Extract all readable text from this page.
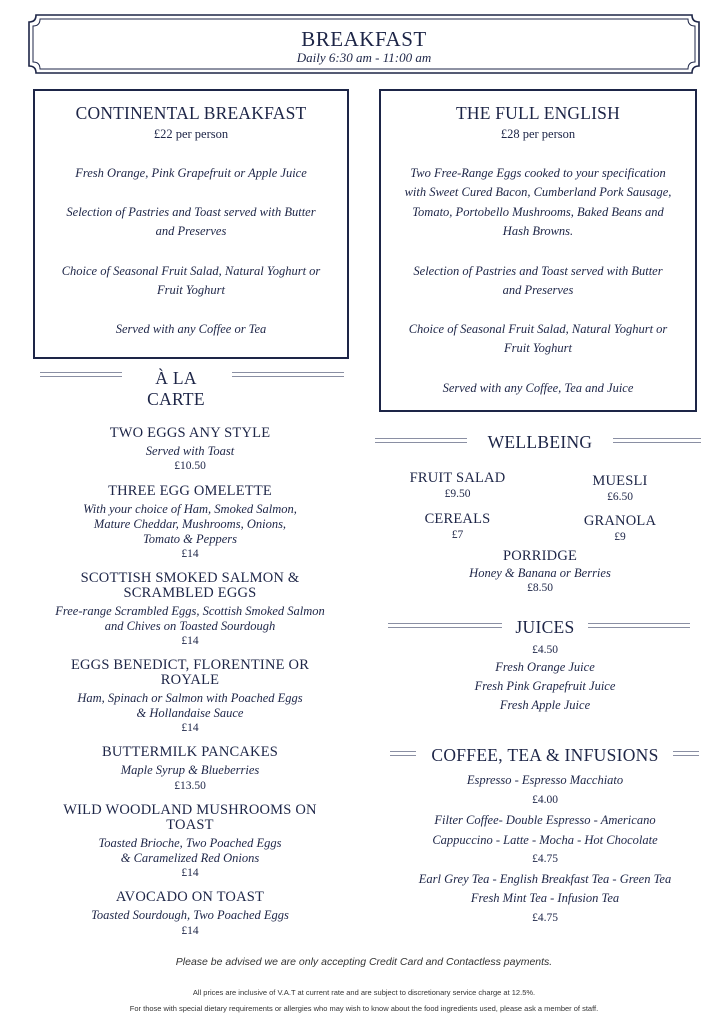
BREAKFAST
Daily 6:30 am - 11:00 am
CONTINENTAL BREAKFAST
£22 per person
Fresh Orange, Pink Grapefruit or Apple Juice
Selection of Pastries and Toast served with Butter
and Preserves
Choice of Seasonal Fruit Salad, Natural Yoghurt or
Fruit Yoghurt
Served with any Coffee or Tea
THE FULL ENGLISH
£28 per person
Two Free-Range Eggs cooked to your specification
with Sweet Cured Bacon, Cumberland Pork Sausage,
Tomato, Portobello Mushrooms, Baked Beans and
Hash Browns.
Selection of Pastries and Toast served with Butter
and Preserves
Choice of Seasonal Fruit Salad, Natural Yoghurt or
Fruit Yoghurt
Served with any Coffee, Tea and Juice
À LA CARTE
TWO EGGS ANY STYLE
Served with Toast
£10.50
THREE EGG OMELETTE
With your choice of Ham, Smoked Salmon,
Mature Cheddar, Mushrooms, Onions,
Tomato & Peppers
£14
SCOTTISH SMOKED SALMON &
SCRAMBLED EGGS
Free-range Scrambled Eggs, Scottish Smoked Salmon
and Chives on Toasted Sourdough
£14
EGGS BENEDICT, FLORENTINE OR
ROYALE
Ham, Spinach or Salmon with Poached Eggs
& Hollandaise Sauce
£14
BUTTERMILK PANCAKES
Maple Syrup & Blueberries
£13.50
WILD WOODLAND MUSHROOMS ON
TOAST
Toasted Brioche, Two Poached Eggs
& Caramelized Red Onions
£14
AVOCADO ON TOAST
Toasted Sourdough, Two Poached Eggs
£14
WELLBEING
FRUIT SALAD
£9.50
MUESLI
£6.50
CEREALS
£7
GRANOLA
£9
PORRIDGE
Honey & Banana or Berries
£8.50
JUICES
£4.50
Fresh Orange Juice
Fresh Pink Grapefruit Juice
Fresh Apple Juice
COFFEE, TEA & INFUSIONS
Espresso - Espresso Macchiato
£4.00
Filter Coffee- Double Espresso - Americano
Cappuccino - Latte - Mocha - Hot Chocolate
£4.75
Earl Grey Tea - English Breakfast Tea - Green Tea
Fresh Mint Tea - Infusion Tea
£4.75
Please be advised we are only accepting Credit Card and Contactless payments.
All prices are inclusive of V.A.T at current rate and are subject to discretionary service charge at 12.5%.
For those with special dietary requirements or allergies who may wish to know about the food ingredients used, please ask a member of staff.
